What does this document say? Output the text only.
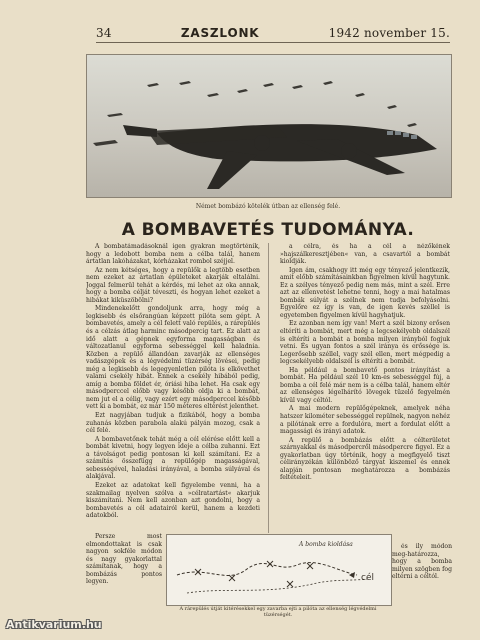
34	ZASZLONK	1942 november 15.
Német bombázó kötelék útban az ellenség felé.
A BOMBAVETÉS TUDOMÁNYA.

A bombatámadásoknál igen gyakran megtörténik, hogy a ledobott bomba nem a célba talál, hanem ártatlan lakóházakat, kórházakat rombol széjjel.

Az nem kétséges, hogy a repülők a legtöbb esetben nem ezeket az ártatlan épületeket akarják eltalálni. Joggal felmerül tehát a kérdés, mi lehet az oka annak, hogy a bomba célját téveszti, és hogyan lehet ezeket a hibákat kiküszöbölni?

Mindenekelőtt gondoljunk arra, hogy még a legkisebb és elsőrangúan képzett pilóta sem gépt. A bombavetés, amely a cél felett való repülés, a rárepülés és a célzás átlag harminc másodpercig tart. Ez alatt az idő alatt a gépnek egyforma magasságban és változatlanul egyforma sebességgel kell haladnia. Közben a repülő állandóan zavarják az ellenséges vadászgépek és a légvédelmi tüzérség lövései, pedig még a legkisebb és legegyenletlen pilóta is elkövethet valami csekély hibát. Ennek a csekély hibából pedig, amíg a bomba földet ér, óriási hiba lehet. Ha csak egy másodperccel előbb vagy később oldja ki a bombát, nem jut el a célig, vagy ezért egy másodperccel később vett ki a bombát, ez már 150 méteres eltérést jelenthet.

Ezt nagyjában tudjuk a fizikából, hogy a bomba zuhanás közben parabola alakú pályán mozog, csak a cél felé.

A bombavetőnek tehát még a cél elérése előtt kell a bombát kivetni, hogy legyen ideje a célba zuhanni. Ezt a távolságot pedig pontosan ki kell számítani. Ez a számítás összefügg a repülőgép magasságával, sebességével, haladási irányával, a bomba súlyával és alakjával.

Ezeket az adatokat kell figyelembe venni, ha a szakmailag nyelven szólva a »célratartást« akarjuk kiszámítani. Nem kell azonban azt gondolni, hogy a bombavetés a cél adatairól kerül, hanem a kezdeti adatokból.

a célra, és ha a cél a nézőkének »hajszálkeresztjében« van, a csavartól a bombát kioldják.

Igen ám, csakhogy itt még egy tényező jelentkezik, amit előbb számításainkban figyelmen kívül hagytunk. Ez a szélyes tényező pedig nem más, mint a szél. Erre azt az ellenvetést lehetne tenni, hogy a mai hatalmas bombák súlyát a szélnek nem tudja befolyásolni. Egyelőre ez így is van, de igen kevés széllel is egyetemben figyelmen kívül hagyhatjuk.

Ez azonban nem így van! Mert a szél bizony erősen eltéríti a bombát, mert még a legcsekélyebb oldalszél is eltéríti a bombát a bomba milyen irányból fogjuk vetni. És ugyan fontos a szél iránya és erőssége is. Legerősebb széllel, vagy szél ellen, mert mégpedig a legcsekélyebb oldalszél is eltéríti a bombát.

Ha például a bombavető pontos irányítást a bombát. Ha például szél 10 km-es sebességgel fúj, a bomba a cél felé már nem is a célba talál, hanem eltér az ellenséges légelhárító lövegek tüzelő fegyelmén kívül vagy céltól.

A mai modern repülőgépeknek, amelyek néha hatszer kilométer sebességgel repülnek, nagyon nehéz a pilótának erre a fordulóra, mert a fordulat előtt a magassági és irányi adatok.

A repülő a bombázás előtt a célterületet szárnyakkal és másodpercről másodpercre figyel. Ez a gyakorlatban úgy történik, hogy a megfigyelő tiszt célirányzékán különböző tárgyat kiszemel és ennek alapján pontosan meghatározza a bombázás feltételeit.

Persze most elmondottakat is csak nagyon sokféle módon és nagy gyakorlattal számítanak, hogy a bombázás pontos legyen.

A bomba kioldása
cél
A rárepülés útját kitérésekkel egy zavarba ejti a pilóta az ellenség légvédelmi tüzérségét.

és ily módon meg-határozza, hogy a bomba milyen szögben fog eltérni a céltól.

Antikvarium.hu
